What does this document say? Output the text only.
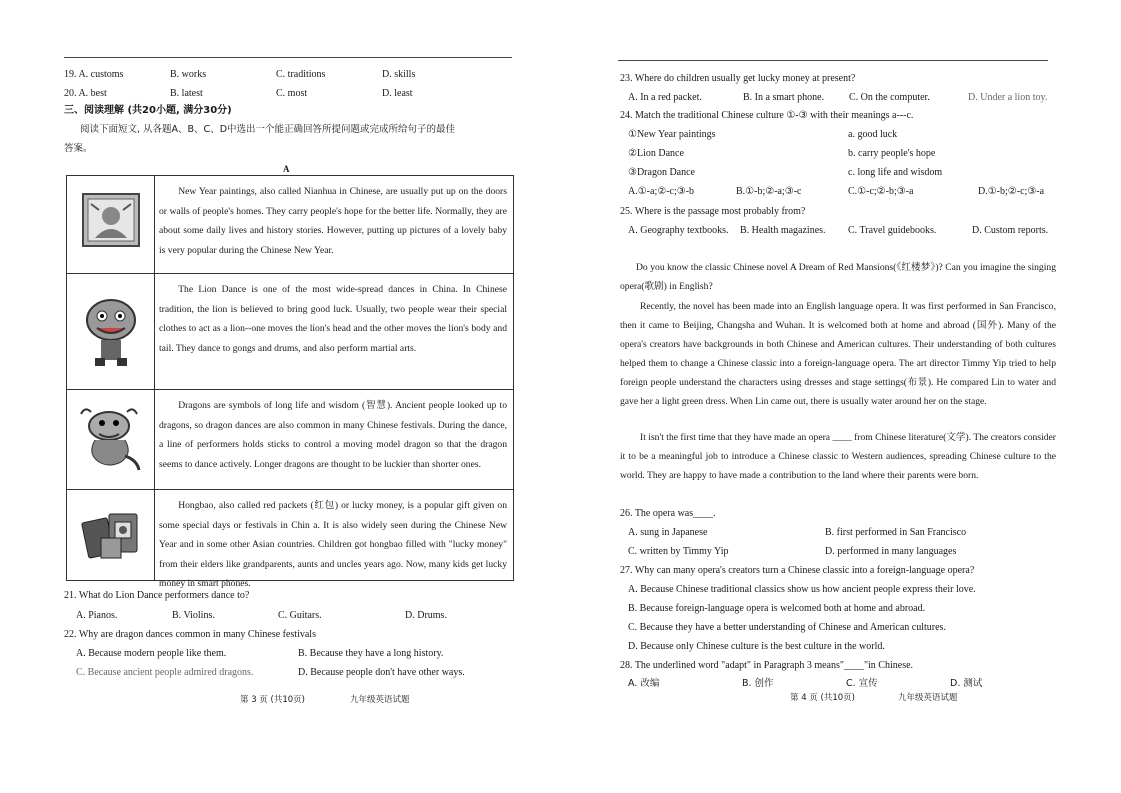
19. A. customs	B. works	C. traditions	D. skills
20. A. best	B. latest	C. most	D. least
三、阅读理解 (共20小题, 满分30分)
阅读下面短文, 从各题A、B、C、D中选出一个能正确回答所提问题或完成所给句子的最佳
答案。
A
New Year paintings, also called Nianhua in Chinese, are usually put up on the doors or walls of people's homes. They carry people's hope for the better life. Normally, they are about some daily lives and history stories. However, putting up pictures of a lovely baby is very popular during the Chinese New Year.
The Lion Dance is one of the most wide-spread dances in China. In Chinese tradition, the lion is believed to bring good luck. Usually, two people wear their special clothes to act as a lion--one moves the lion's head and the other moves the lion's body and tail. They dance to gongs and drums, and also perform martial arts.
Dragons are symbols of long life and wisdom (智慧). Ancient people looked up to dragons, so dragon dances are also common in many Chinese festivals. During the dance, a line of performers holds sticks to control a moving model dragon so that the dragon seems to dance actively. Longer dragons are thought to be luckier than shorter ones.
Hongbao, also called red packets (红包) or lucky money, is a popular gift given on some special days or festivals in Chin a. It is also widely seen during the Chinese New Year and in some other Asian countries. Children got hongbao filled with "lucky money" from their elders like grandparents, aunts and uncles years ago. Now, many kids get lucky money in smart phones.
21. What do Lion Dance performers dance to?
A. Pianos.	B. Violins.	C. Guitars.	D. Drums.
22. Why are dragon dances common in many Chinese festivals
A. Because modern people like them.	B. Because they have a long history.
C. Because ancient people admired dragons.	D. Because people don't have other ways.
第 3 页 (共10页)	九年级英语试题
23. Where do children usually get lucky money at present?
A. In a red packet.	B. In a smart phone. C. On the computer.	D. Under a lion toy.
24. Match the traditional Chinese culture ①-③ with their meanings a---c.
①New Year paintings	a. good luck
②Lion Dance	b. carry people's hope
③Dragon Dance	c. long life and wisdom
A.①-a;②-c;③-b	B.①-b;②-a;③-c	C.①-c;②-b;③-a	D.①-b;②-c;③-a
25. Where is the passage most probably from?
A. Geography textbooks. B. Health magazines. C. Travel guidebooks.	D. Custom reports.
Do you know the classic Chinese novel A Dream of Red Mansions(《红楼梦》)? Can you imagine the singing opera(歌剧) in English?
Recently, the novel has been made into an English language opera. It was first performed in San Francisco, then it came to Beijing, Changsha and Wuhan. It is welcomed both at home and abroad (国外). Many of the opera's creators have backgrounds in both Chinese and American cultures. Their understanding of both cultures helped them to change a Chinese classic into a foreign-language opera. The art director Timmy Yip tried to help foreign people understand the characters using dresses and stage settings(布景). He compared Lin to water and gave her a light green dress. When Lin came out, there is usually water around her on the stage.
It isn't the first time that they have made an opera ____ from Chinese literature(文学). The creators consider it to be a meaningful job to introduce a Chinese classic to Western audiences, spreading Chinese culture to the world. They are happy to have made a contribution to the land where their parents were born.
26. The opera was____.
A. sung in Japanese	B. first performed in San Francisco
C. written by Timmy Yip	D. performed in many languages
27. Why can many opera's creators turn a Chinese classic into a foreign-language opera?
A. Because Chinese traditional classics show us how ancient people express their love.
B. Because foreign-language opera is welcomed both at home and abroad.
C. Because they have a better understanding of Chinese and American cultures.
D. Because only Chinese culture is the best culture in the world.
28. The underlined word "adapt" in Paragraph 3 means"____"in Chinese.
A. 改编	B. 创作	C. 宣传	D. 测试
第 4 页 (共10页)	九年级英语试题
